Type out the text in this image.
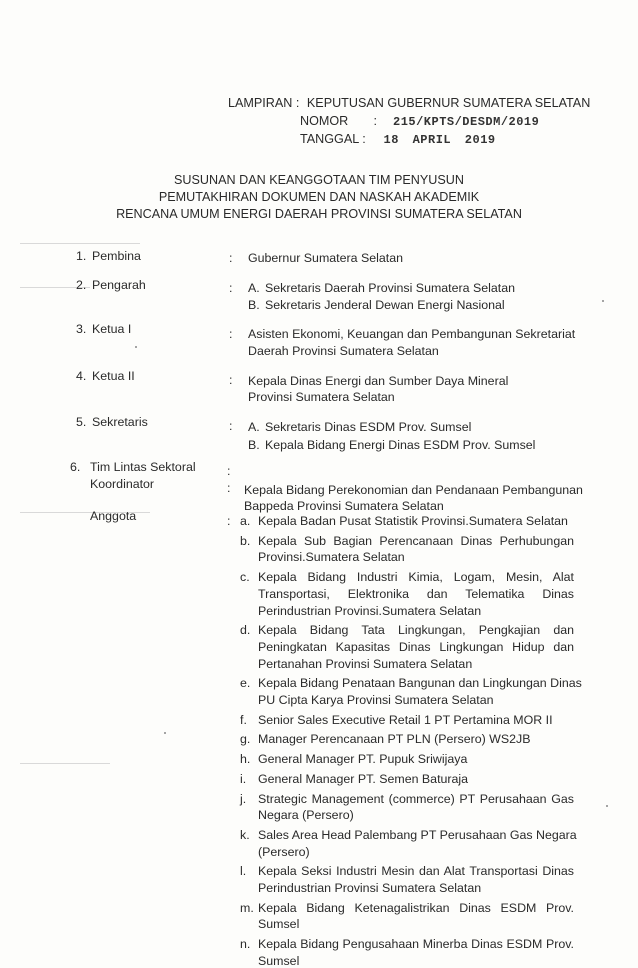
LAMPIRAN : KEPUTUSAN GUBERNUR SUMATERA SELATAN
NOMOR : 215/KPTS/DESDM/2019
TANGGAL : 18 APRIL 2019
SUSUNAN DAN KEANGGOTAAN TIM PENYUSUN
PEMUTAKHIRAN DOKUMEN DAN NASKAH AKADEMIK
RENCANA UMUM ENERGI DAERAH PROVINSI SUMATERA SELATAN
1. Pembina	: Gubernur Sumatera Selatan
2. Pengarah	: A. Sekretaris Daerah Provinsi Sumatera Selatan
B. Sekretaris Jenderal Dewan Energi Nasional
3. Ketua I	: Asisten Ekonomi, Keuangan dan Pembangunan Sekretariat
Daerah Provinsi Sumatera Selatan
4. Ketua II	: Kepala Dinas Energi dan Sumber Daya Mineral
Provinsi Sumatera Selatan
5. Sekretaris	: A. Sekretaris Dinas ESDM Prov. Sumsel
B. Kepala Bidang Energi Dinas ESDM Prov. Sumsel
6. Tim Lintas Sektoral	:
Koordinator	: Kepala Bidang Perekonomian dan Pendanaan Pembangunan
Bappeda Provinsi Sumatera Selatan
Anggota	: a. Kepala Badan Pusat Statistik Provinsi.Sumatera Selatan
b. Kepala Sub Bagian Perencanaan Dinas Perhubungan
Provinsi.Sumatera Selatan
c. Kepala Bidang Industri Kimia, Logam, Mesin, Alat
Transportasi, Elektronika dan Telematika Dinas
Perindustrian Provinsi.Sumatera Selatan
d. Kepala Bidang Tata Lingkungan, Pengkajian dan
Peningkatan Kapasitas Dinas Lingkungan Hidup dan
Pertanahan Provinsi Sumatera Selatan
e. Kepala Bidang Penataan Bangunan dan Lingkungan Dinas
PU Cipta Karya Provinsi Sumatera Selatan
f. Senior Sales Executive Retail 1 PT Pertamina MOR II
g. Manager Perencanaan PT PLN (Persero) WS2JB
h. General Manager PT. Pupuk Sriwijaya
i. General Manager PT. Semen Baturaja
j. Strategic Management (commerce) PT Perusahaan Gas
Negara (Persero)
k. Sales Area Head Palembang PT Perusahaan Gas Negara
(Persero)
l. Kepala Seksi Industri Mesin dan Alat Transportasi Dinas
Perindustrian Provinsi Sumatera Selatan
m. Kepala Bidang Ketenagalistrikan Dinas ESDM Prov.
Sumsel
n. Kepala Bidang Pengusahaan Minerba Dinas ESDM Prov.
Sumsel
